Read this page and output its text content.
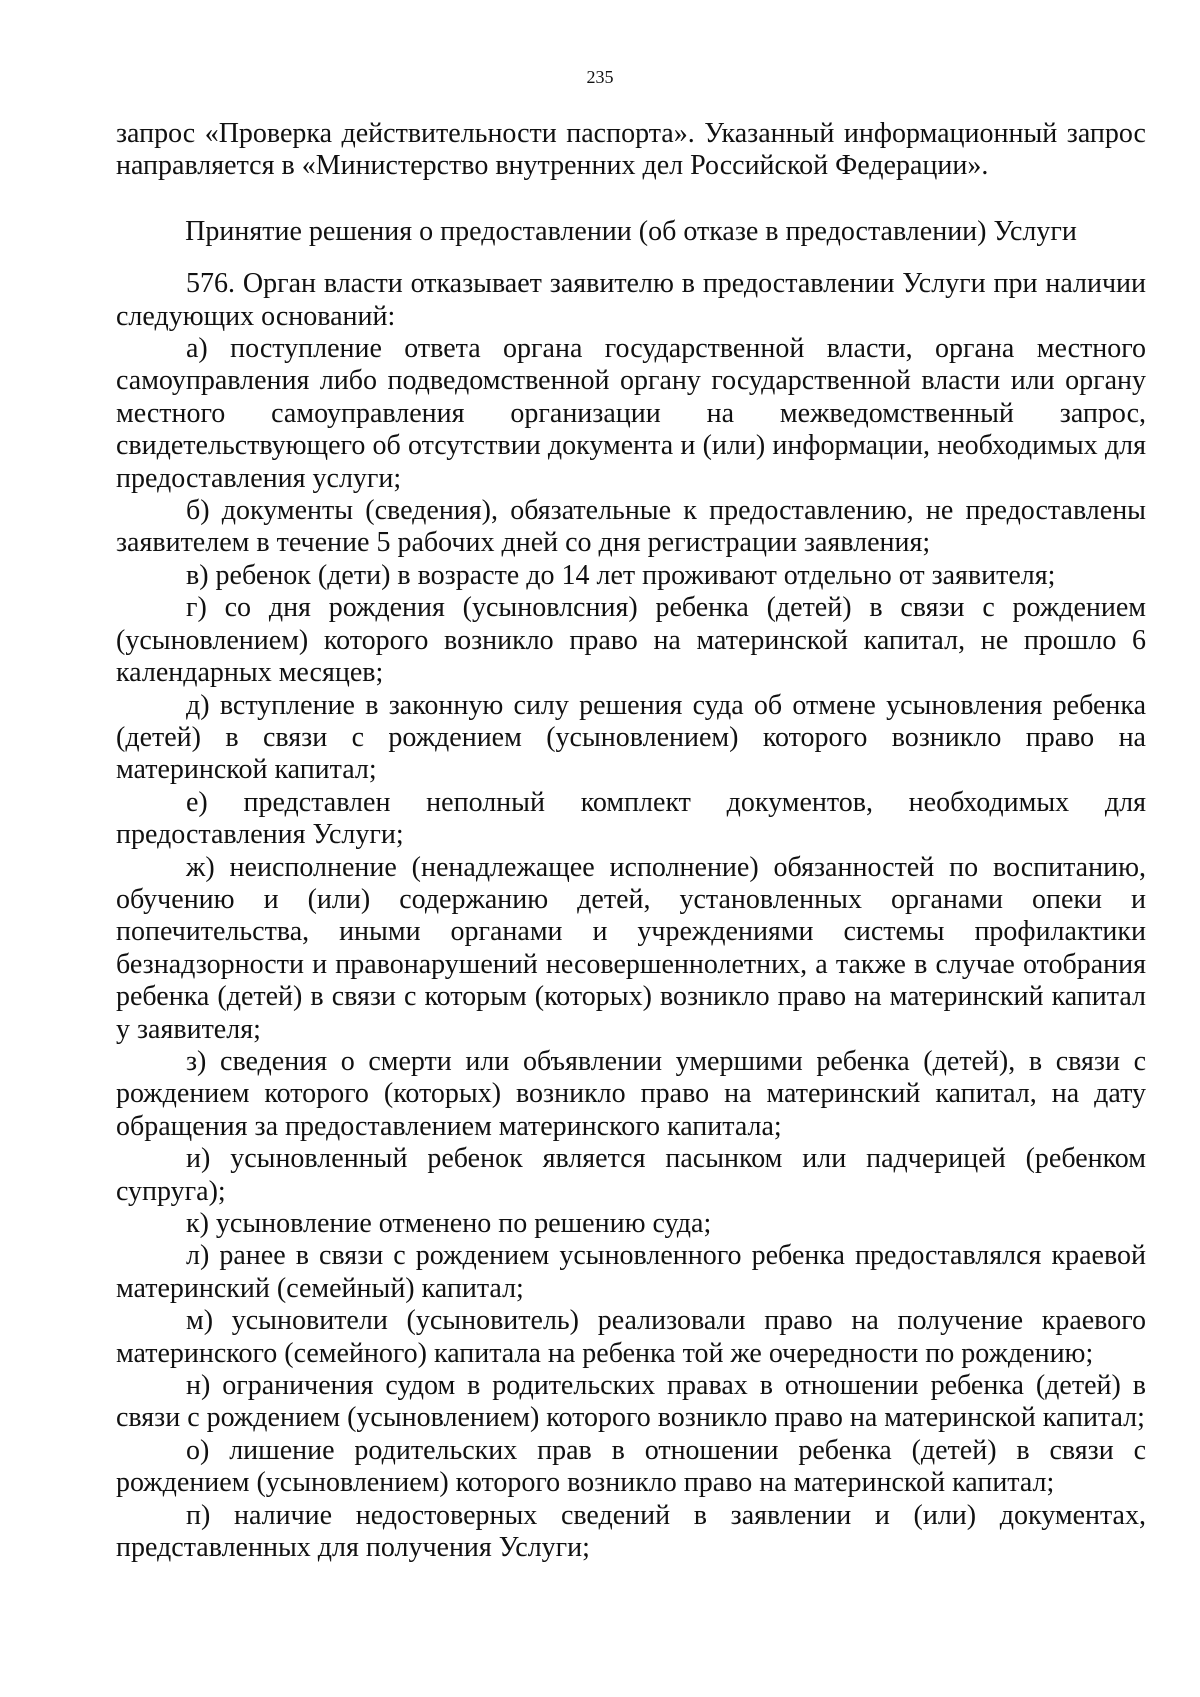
235

запрос «Проверка действительности паспорта». Указанный информационный запрос направляется в «Министерство внутренних дел Российской Федерации».

Принятие решения о предоставлении (об отказе в предоставлении) Услуги

576. Орган власти отказывает заявителю в предоставлении Услуги при наличии следующих оснований:

а) поступление ответа органа государственной власти, органа местного самоуправления либо подведомственной органу государственной власти или органу местного самоуправления организации на межведомственный запрос, свидетельствующего об отсутствии документа и (или) информации, необходимых для предоставления услуги;

б) документы (сведения), обязательные к предоставлению, не предоставлены заявителем в течение 5 рабочих дней со дня регистрации заявления;

в) ребенок (дети) в возрасте до 14 лет проживают отдельно от заявителя;

г) со дня рождения (усыновлсния) ребенка (детей) в связи с рождением (усыновлением) которого возникло право на материнской капитал, не прошло 6 календарных месяцев;

д) вступление в законную силу решения суда об отмене усыновления ребенка (детей) в связи с рождением (усыновлением) которого возникло право на материнской капитал;

е) представлен неполный комплект документов, необходимых для предоставления Услуги;

ж) неисполнение (ненадлежащее исполнение) обязанностей по воспитанию, обучению и (или) содержанию детей, установленных органами опеки и попечительства, иными органами и учреждениями системы профилактики безнадзорности и правонарушений несовершеннолетних, а также в случае отобрания ребенка (детей) в связи с которым (которых) возникло право на материнский капитал у заявителя;

з) сведения о смерти или объявлении умершими ребенка (детей), в связи с рождением которого (которых) возникло право на материнский капитал, на дату обращения за предоставлением материнского капитала;

и) усыновленный ребенок является пасынком или падчерицей (ребенком супруга);

к) усыновление отменено по решению суда;

л) ранее в связи с рождением усыновленного ребенка предоставлялся краевой материнский (семейный) капитал;

м) усыновители (усыновитель) реализовали право на получение краевого материнского (семейного) капитала на ребенка той же очередности по рождению;

н) ограничения судом в родительских правах в отношении ребенка (детей) в связи с рождением (усыновлением) которого возникло право на материнской капитал;

о) лишение родительских прав в отношении ребенка (детей) в связи с рождением (усыновлением) которого возникло право на материнской капитал;

п) наличие недостоверных сведений в заявлении и (или) документах, представленных для получения Услуги;
